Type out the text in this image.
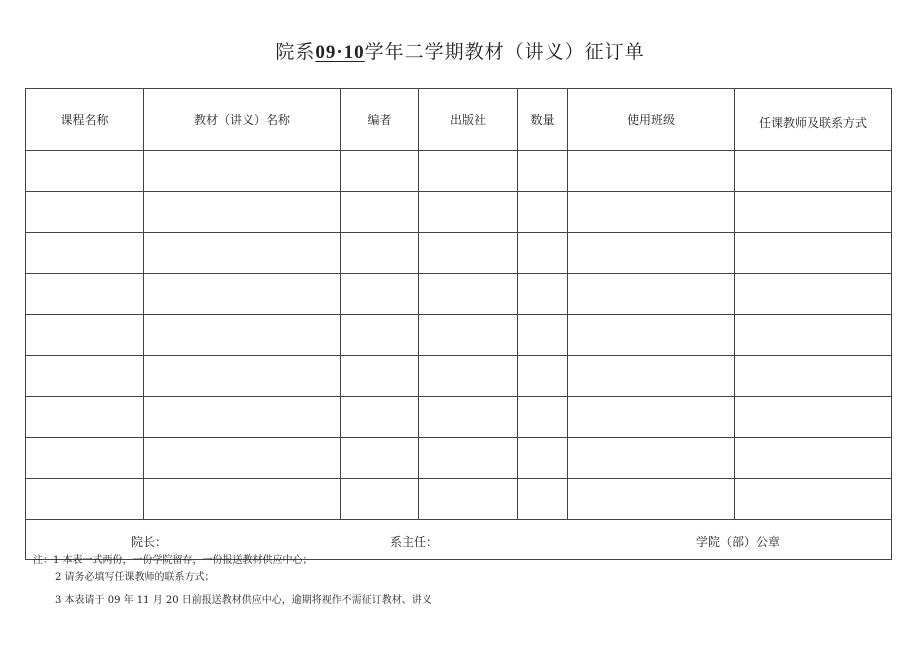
院系09·10学年二学期教材（讲义）征订单
课程名称	教材（讲义）名称	编者	出版社	数量	使用班级	任课教师及联系方式

院长： 系主任： 学院（部）公章						
注：1 本表一式两份，一份学院留存，一份报送教材供应中心；
2 请务必填写任课教师的联系方式；
3 本表请于 09 年 11 月 20 日前报送教材供应中心，逾期将视作不需征订教材、讲义
